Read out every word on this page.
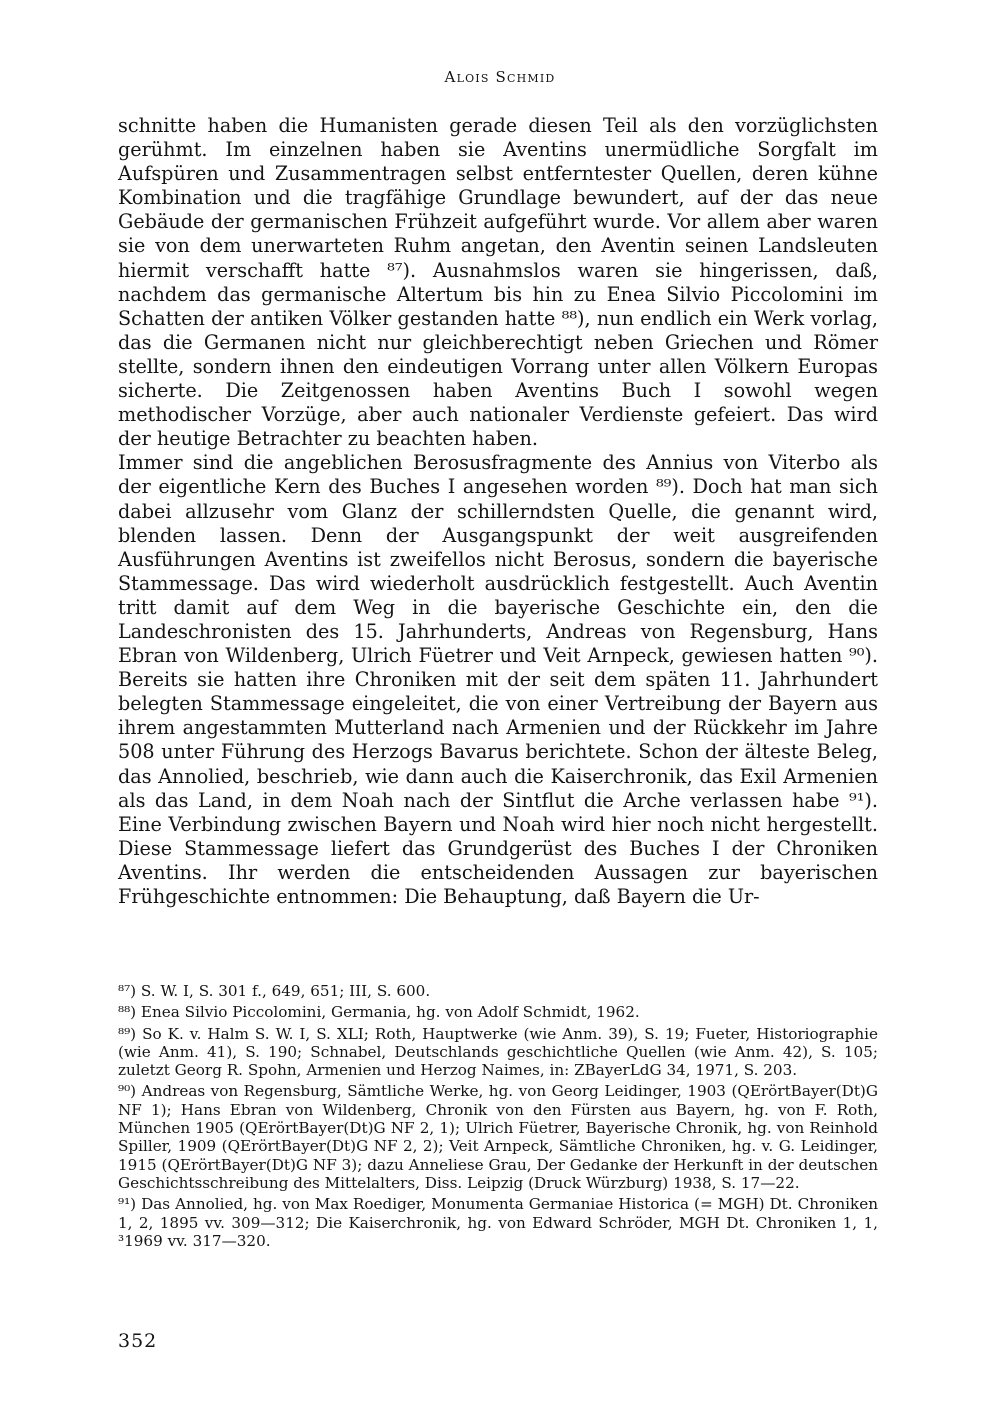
Alois Schmid

schnitte haben die Humanisten gerade diesen Teil als den vorzüglichsten gerühmt. Im einzelnen haben sie Aventins unermüdliche Sorgfalt im Aufspüren und Zusammentragen selbst entferntester Quellen, deren kühne Kombination und die tragfähige Grundlage bewundert, auf der das neue Gebäude der germanischen Frühzeit aufgeführt wurde. Vor allem aber waren sie von dem unerwarteten Ruhm angetan, den Aventin seinen Landsleuten hiermit verschafft hatte ⁸⁷). Ausnahmslos waren sie hingerissen, daß, nachdem das germanische Altertum bis hin zu Enea Silvio Piccolomini im Schatten der antiken Völker gestanden hatte ⁸⁸), nun endlich ein Werk vorlag, das die Germanen nicht nur gleichberechtigt neben Griechen und Römer stellte, sondern ihnen den eindeutigen Vorrang unter allen Völkern Europas sicherte. Die Zeitgenossen haben Aventins Buch I sowohl wegen methodischer Vorzüge, aber auch nationaler Verdienste gefeiert. Das wird der heutige Betrachter zu beachten haben.

Immer sind die angeblichen Berosusfragmente des Annius von Viterbo als der eigentliche Kern des Buches I angesehen worden ⁸⁹). Doch hat man sich dabei allzusehr vom Glanz der schillerndsten Quelle, die genannt wird, blenden lassen. Denn der Ausgangspunkt der weit ausgreifenden Ausführungen Aventins ist zweifellos nicht Berosus, sondern die bayerische Stammessage. Das wird wiederholt ausdrücklich festgestellt. Auch Aventin tritt damit auf dem Weg in die bayerische Geschichte ein, den die Landeschronisten des 15. Jahrhunderts, Andreas von Regensburg, Hans Ebran von Wildenberg, Ulrich Füetrer und Veit Arnpeck, gewiesen hatten ⁹⁰). Bereits sie hatten ihre Chroniken mit der seit dem späten 11. Jahrhundert belegten Stammessage eingeleitet, die von einer Vertreibung der Bayern aus ihrem angestammten Mutterland nach Armenien und der Rückkehr im Jahre 508 unter Führung des Herzogs Bavarus berichtete. Schon der älteste Beleg, das Annolied, beschrieb, wie dann auch die Kaiserchronik, das Exil Armenien als das Land, in dem Noah nach der Sintflut die Arche verlassen habe ⁹¹). Eine Verbindung zwischen Bayern und Noah wird hier noch nicht hergestellt. Diese Stammessage liefert das Grundgerüst des Buches I der Chroniken Aventins. Ihr werden die entscheidenden Aussagen zur bayerischen Frühgeschichte entnommen: Die Behauptung, daß Bayern die Ur-

⁸⁷) S. W. I, S. 301 f., 649, 651; III, S. 600.

⁸⁸) Enea Silvio Piccolomini, Germania, hg. von Adolf Schmidt, 1962.

⁸⁹) So K. v. Halm S. W. I, S. XLI; Roth, Hauptwerke (wie Anm. 39), S. 19; Fueter, Historiographie (wie Anm. 41), S. 190; Schnabel, Deutschlands geschichtliche Quellen (wie Anm. 42), S. 105; zuletzt Georg R. Spohn, Armenien und Herzog Naimes, in: ZBayerLdG 34, 1971, S. 203.

⁹⁰) Andreas von Regensburg, Sämtliche Werke, hg. von Georg Leidinger, 1903 (QErörtBayer(Dt)G NF 1); Hans Ebran von Wildenberg, Chronik von den Fürsten aus Bayern, hg. von F. Roth, München 1905 (QErörtBayer(Dt)G NF 2, 1); Ulrich Füetrer, Bayerische Chronik, hg. von Reinhold Spiller, 1909 (QErörtBayer(Dt)G NF 2, 2); Veit Arnpeck, Sämtliche Chroniken, hg. v. G. Leidinger, 1915 (QErörtBayer(Dt)G NF 3); dazu Anneliese Grau, Der Gedanke der Herkunft in der deutschen Geschichtsschreibung des Mittelalters, Diss. Leipzig (Druck Würzburg) 1938, S. 17—22.

⁹¹) Das Annolied, hg. von Max Roediger, Monumenta Germaniae Historica (= MGH) Dt. Chroniken 1, 2, 1895 vv. 309—312; Die Kaiserchronik, hg. von Edward Schröder, MGH Dt. Chroniken 1, 1, ³1969 vv. 317—320.

352
